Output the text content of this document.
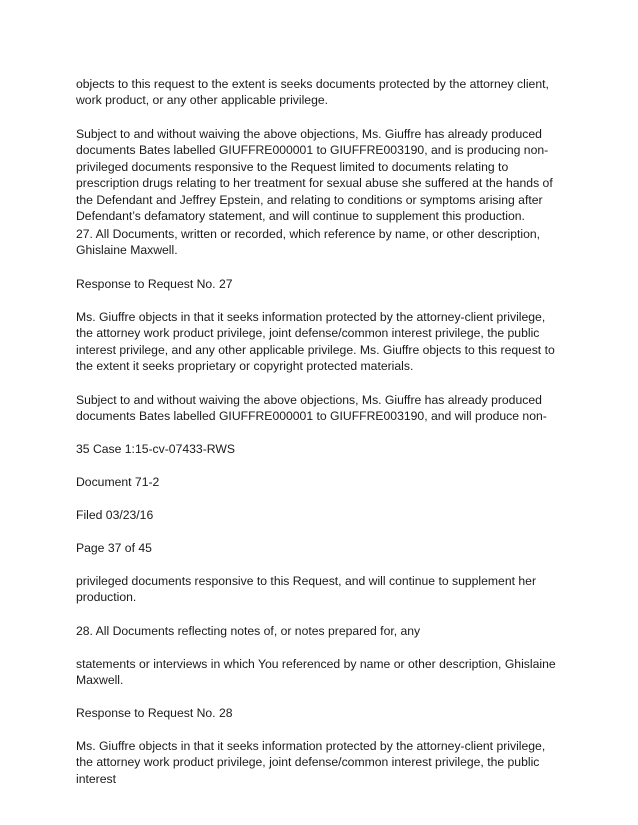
objects to this request to the extent is seeks documents protected by the attorney client, work product, or any other applicable privilege.

Subject to and without waiving the above objections, Ms. Giuffre has already produced documents Bates labelled GIUFFRE000001 to GIUFFRE003190, and is producing non-privileged documents responsive to the Request limited to documents relating to prescription drugs relating to her treatment for sexual abuse she suffered at the hands of the Defendant and Jeffrey Epstein, and relating to conditions or symptoms arising after Defendant’s defamatory statement, and will continue to supplement this production.

27. All Documents, written or recorded, which reference by name, or other description, Ghislaine Maxwell.

Response to Request No. 27

Ms. Giuffre objects in that it seeks information protected by the attorney-client privilege, the attorney work product privilege, joint defense/common interest privilege, the public interest privilege, and any other applicable privilege. Ms. Giuffre objects to this request to the extent it seeks proprietary or copyright protected materials.

Subject to and without waiving the above objections, Ms. Giuffre has already produced documents Bates labelled GIUFFRE000001 to GIUFFRE003190, and will produce non-

35 Case 1:15-cv-07433-RWS

Document 71-2

Filed 03/23/16

Page 37 of 45

privileged documents responsive to this Request, and will continue to supplement her production.

28. All Documents reflecting notes of, or notes prepared for, any

statements or interviews in which You referenced by name or other description, Ghislaine Maxwell.

Response to Request No. 28

Ms. Giuffre objects in that it seeks information protected by the attorney-client privilege, the attorney work product privilege, joint defense/common interest privilege, the public interest
